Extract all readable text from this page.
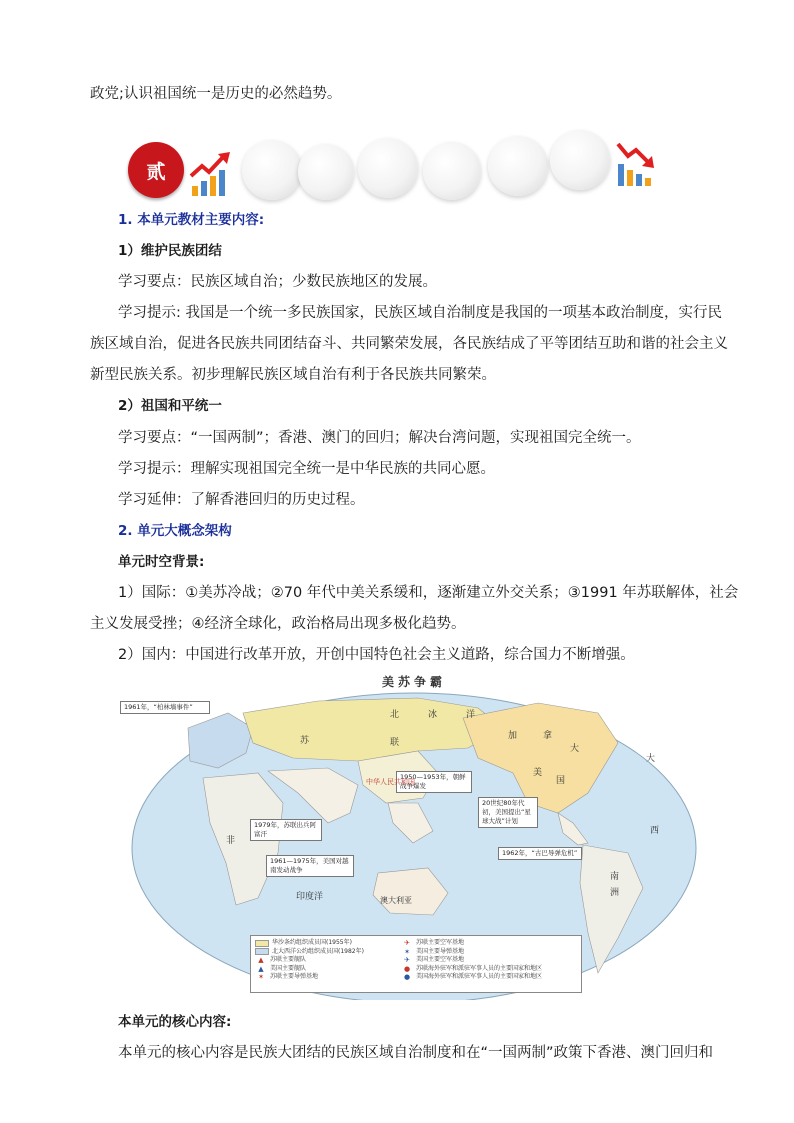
政党;认识祖国统一是历史的必然趋势。
贰
1. 本单元教材主要内容:
1）维护民族团结
学习要点：民族区域自治；少数民族地区的发展。
学习提示: 我国是一个统一多民族国家，民族区域自治制度是我国的一项基本政治制度，实行民
族区域自治，促进各民族共同团结奋斗、共同繁荣发展，各民族结成了平等团结互助和谐的社会主义
新型民族关系。初步理解民族区域自治有利于各民族共同繁荣。
2）祖国和平统一
学习要点：“一国两制”；香港、澳门的回归；解决台湾问题，实现祖国完全统一。
学习提示：理解实现祖国完全统一是中华民族的共同心愿。
学习延伸：了解香港回归的历史过程。
2. 单元大概念架构
单元时空背景:
1）国际：①美苏冷战；②70 年代中美关系缓和，逐渐建立外交关系；③1991 年苏联解体，社会
主义发展受挫；④经济全球化，政治格局出现多极化趋势。
2）国内：中国进行改革开放，开创中国特色社会主义道路，综合国力不断增强。
美苏争霸
1961年，“柏林墙事件”
1950—1953年，朝鲜战争爆发
20世纪80年代初，美国提出“星球大战”计划
1979年，苏联出兵阿富汗
1961—1975年，美国对越南发动战争
1962年，“古巴导弹危机”
北	冰	洋
苏	联
中华人民共和国
加	拿
大
美
国
大
西
印度洋	澳大利亚
南
洲
非
华沙条约组织成员国(1955年)
北大西洋公约组织成员国(1982年)
▲	苏联主要舰队
▲	美国主要舰队
✶	苏联主要导弹基地
✈	苏联主要空军基地
✶	美国主要导弹基地
✈	美国主要空军基地
● 苏联海外驻军和派驻军事人员的主要国家和地区
● 美国海外驻军和派驻军事人员的主要国家和地区
本单元的核心内容:
本单元的核心内容是民族大团结的民族区域自治制度和在“一国两制”政策下香港、澳门回归和
